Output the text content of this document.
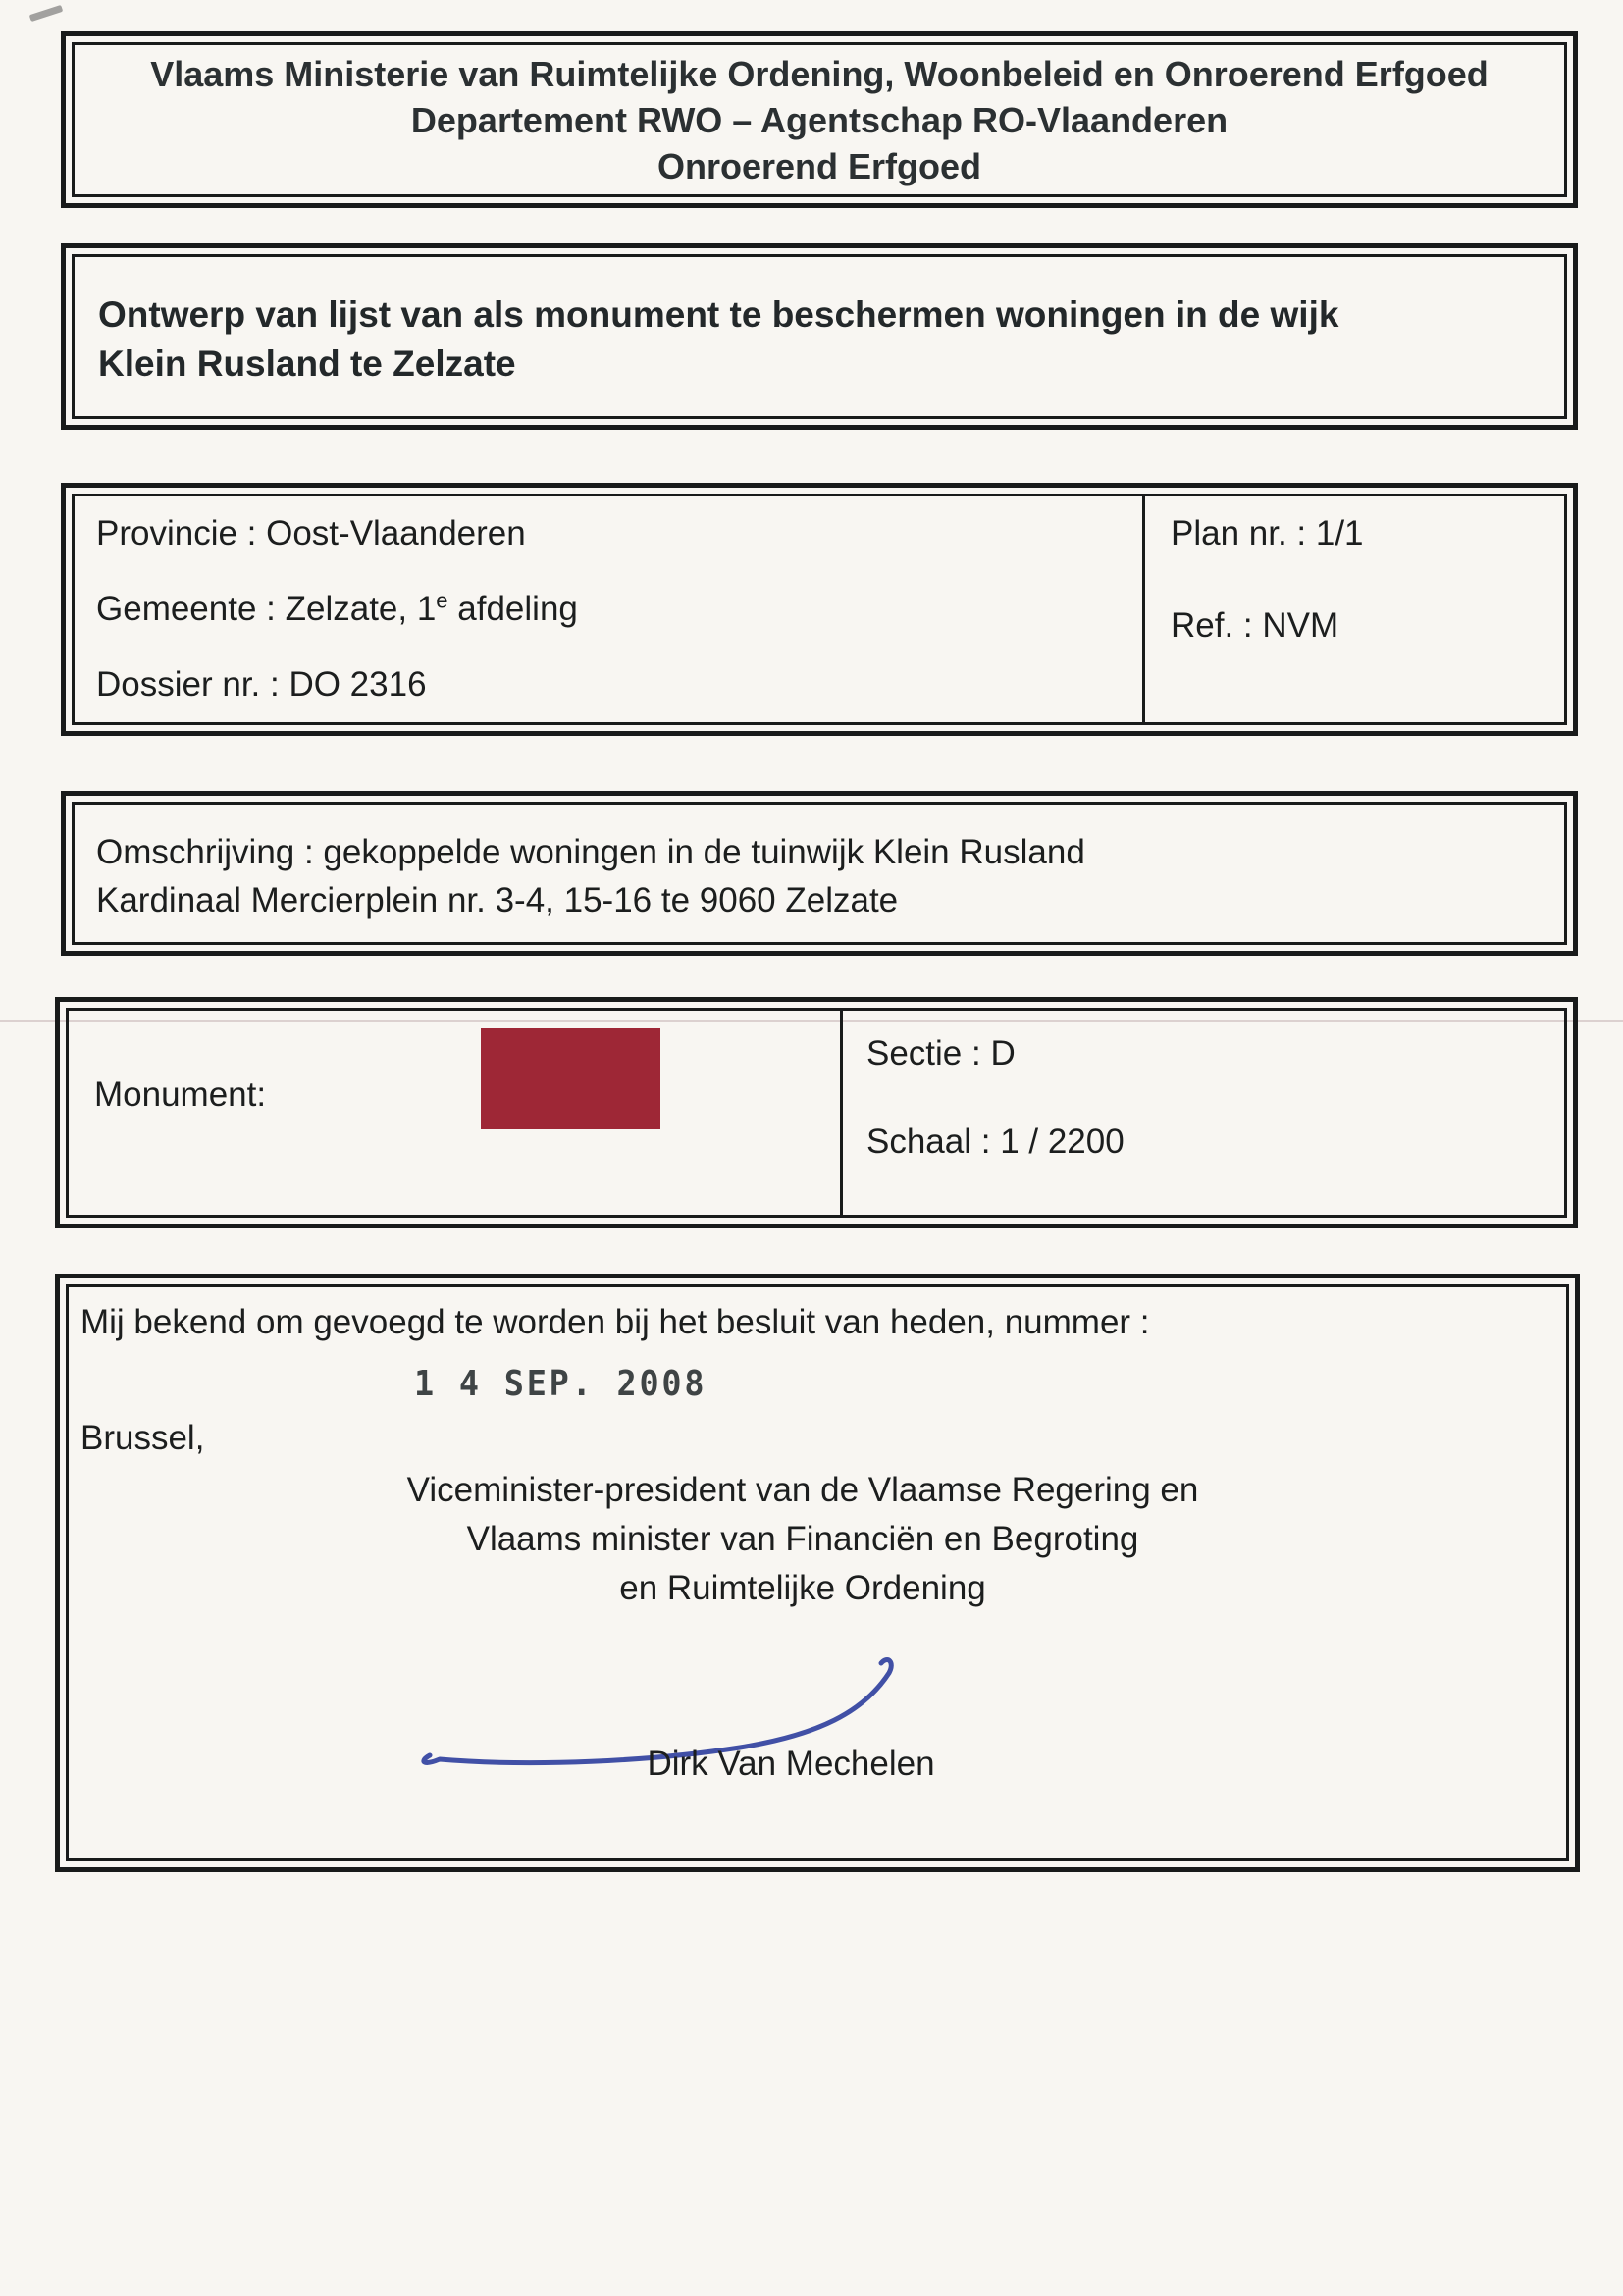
Vlaams Ministerie van Ruimtelijke Ordening, Woonbeleid en Onroerend Erfgoed
Departement RWO – Agentschap RO-Vlaanderen
Onroerend Erfgoed
Ontwerp van lijst van als monument te beschermen woningen in de wijk
Klein Rusland te Zelzate
Provincie : Oost-Vlaanderen
Gemeente : Zelzate, 1e afdeling
Dossier nr. : DO 2316
Plan nr. : 1/1
Ref. : NVM
Omschrijving : gekoppelde woningen in de tuinwijk Klein Rusland
Kardinaal Mercierplein nr. 3-4, 15-16 te 9060 Zelzate
Monument:
Sectie : D
Schaal : 1 / 2200
Mij bekend om gevoegd te worden bij het besluit van heden, nummer :
1 4 SEP. 2008
Brussel,
Viceminister-president van de Vlaamse Regering en
Vlaams minister van Financiën en Begroting
en Ruimtelijke Ordening
Dirk Van Mechelen
